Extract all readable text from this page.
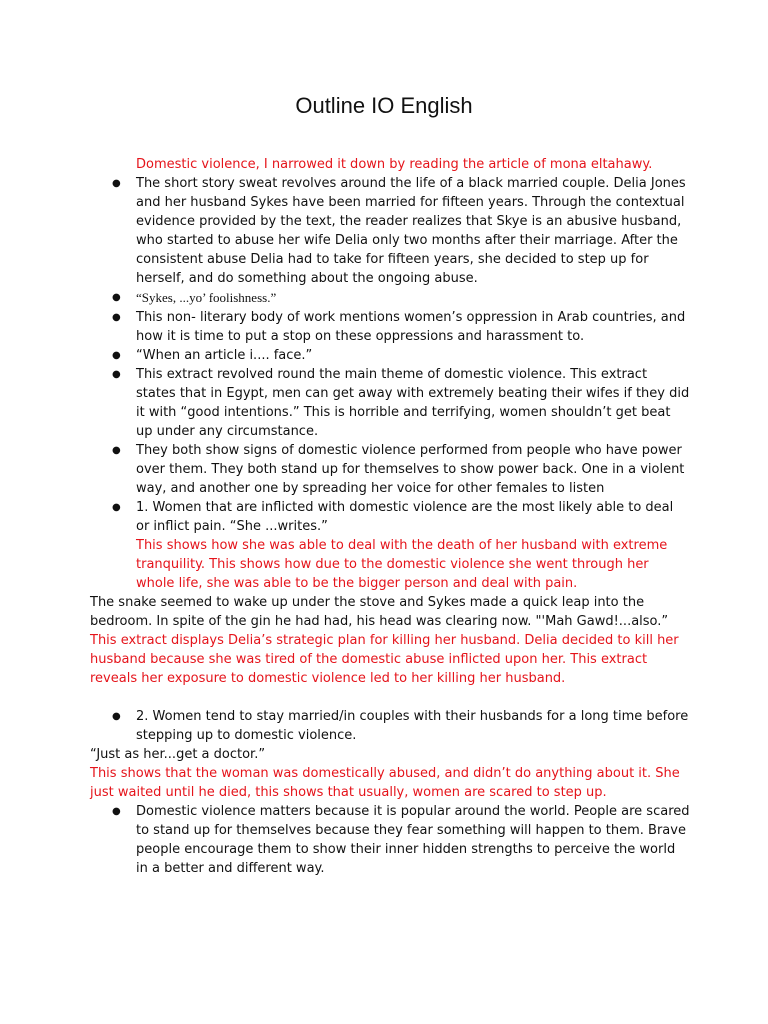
Outline IO English
Domestic violence, I narrowed it down by reading the article of mona eltahawy.
● The short story sweat revolves around the life of a black married couple. Delia Jones and her husband Sykes have been married for fifteen years. Through the contextual evidence provided by the text, the reader realizes that Skye is an abusive husband, who started to abuse her wife Delia only two months after their marriage. After the consistent abuse Delia had to take for fifteen years, she decided to step up for herself, and do something about the ongoing abuse.
● “Sykes, ...yo’ foolishness.”
● This non- literary body of work mentions women’s oppression in Arab countries, and how it is time to put a stop on these oppressions and harassment to.
● “When an article i.... face.”
● This extract revolved round the main theme of domestic violence. This extract states that in Egypt, men can get away with extremely beating their wifes if they did it with “good intentions.” This is horrible and terrifying, women shouldn’t get beat up under any circumstance.
● They both show signs of domestic violence performed from people who have power over them. They both stand up for themselves to show power back. One in a violent way, and another one by spreading her voice for other females to listen
● 1. Women that are inflicted with domestic violence are the most likely able to deal or inflict pain. “She ...writes.”
This shows how she was able to deal with the death of her husband with extreme tranquility. This shows how due to the domestic violence she went through her whole life, she was able to be the bigger person and deal with pain.
The snake seemed to wake up under the stove and Sykes made a quick leap into the bedroom. In spite of the gin he had had, his head was clearing now. "'Mah Gawd!...also.”
This extract displays Delia’s strategic plan for killing her husband. Delia decided to kill her husband because she was tired of the domestic abuse inflicted upon her. This extract reveals her exposure to domestic violence led to her killing her husband.
● 2. Women tend to stay married/in couples with their husbands for a long time before stepping up to domestic violence.
“Just as her...get a doctor.”
This shows that the woman was domestically abused, and didn’t do anything about it. She just waited until he died, this shows that usually, women are scared to step up.
● Domestic violence matters because it is popular around the world. People are scared to stand up for themselves because they fear something will happen to them. Brave people encourage them to show their inner hidden strengths to perceive the world in a better and different way.
